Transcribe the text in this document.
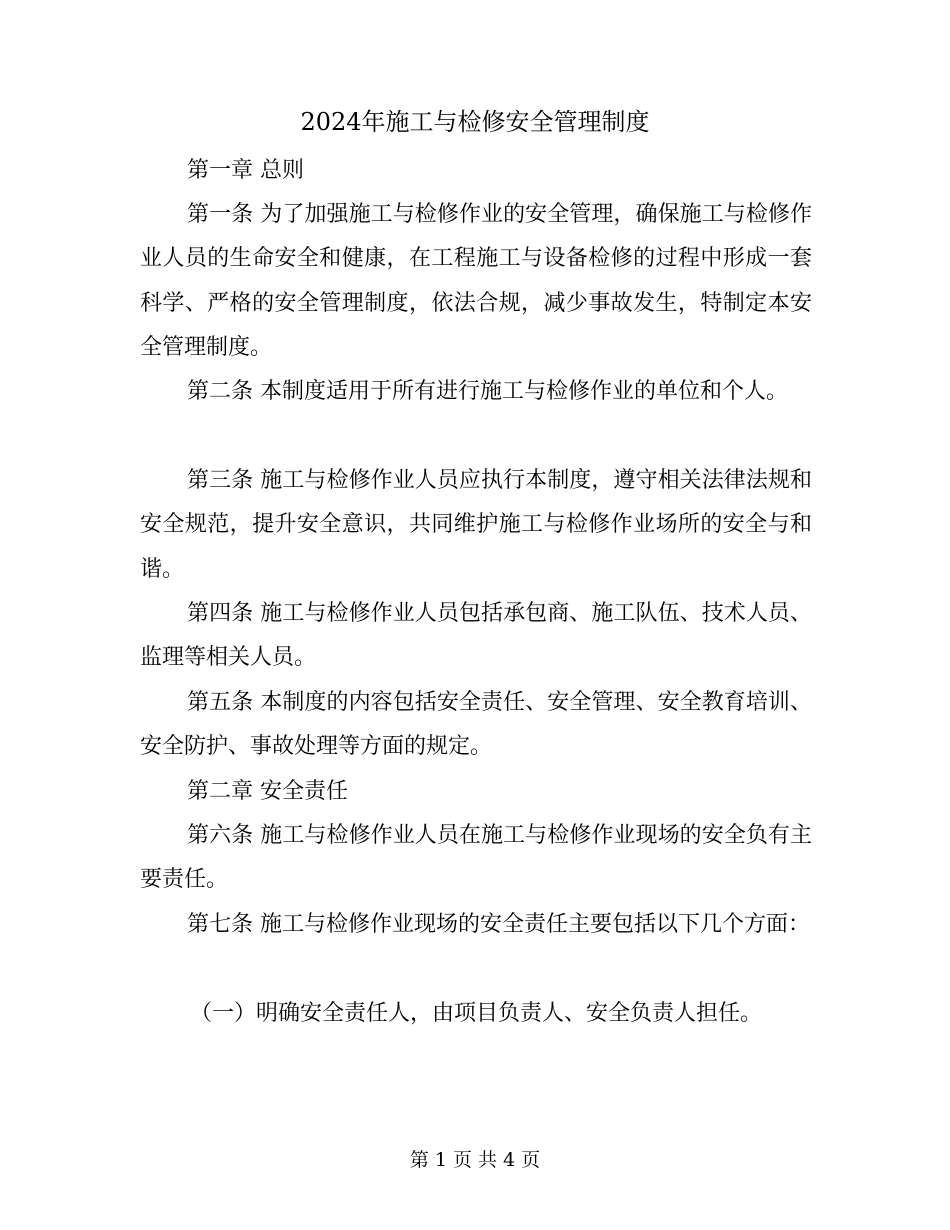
2024年施工与检修安全管理制度

第一章 总则

第一条 为了加强施工与检修作业的安全管理，确保施工与检修作业人员的生命安全和健康，在工程施工与设备检修的过程中形成一套科学、严格的安全管理制度，依法合规，减少事故发生，特制定本安全管理制度。

第二条 本制度适用于所有进行施工与检修作业的单位和个人。

第三条 施工与检修作业人员应执行本制度，遵守相关法律法规和安全规范，提升安全意识，共同维护施工与检修作业场所的安全与和谐。

第四条 施工与检修作业人员包括承包商、施工队伍、技术人员、监理等相关人员。

第五条 本制度的内容包括安全责任、安全管理、安全教育培训、安全防护、事故处理等方面的规定。

第二章 安全责任

第六条 施工与检修作业人员在施工与检修作业现场的安全负有主要责任。

第七条 施工与检修作业现场的安全责任主要包括以下几个方面：

（一）明确安全责任人，由项目负责人、安全负责人担任。

第 1 页 共 4 页
